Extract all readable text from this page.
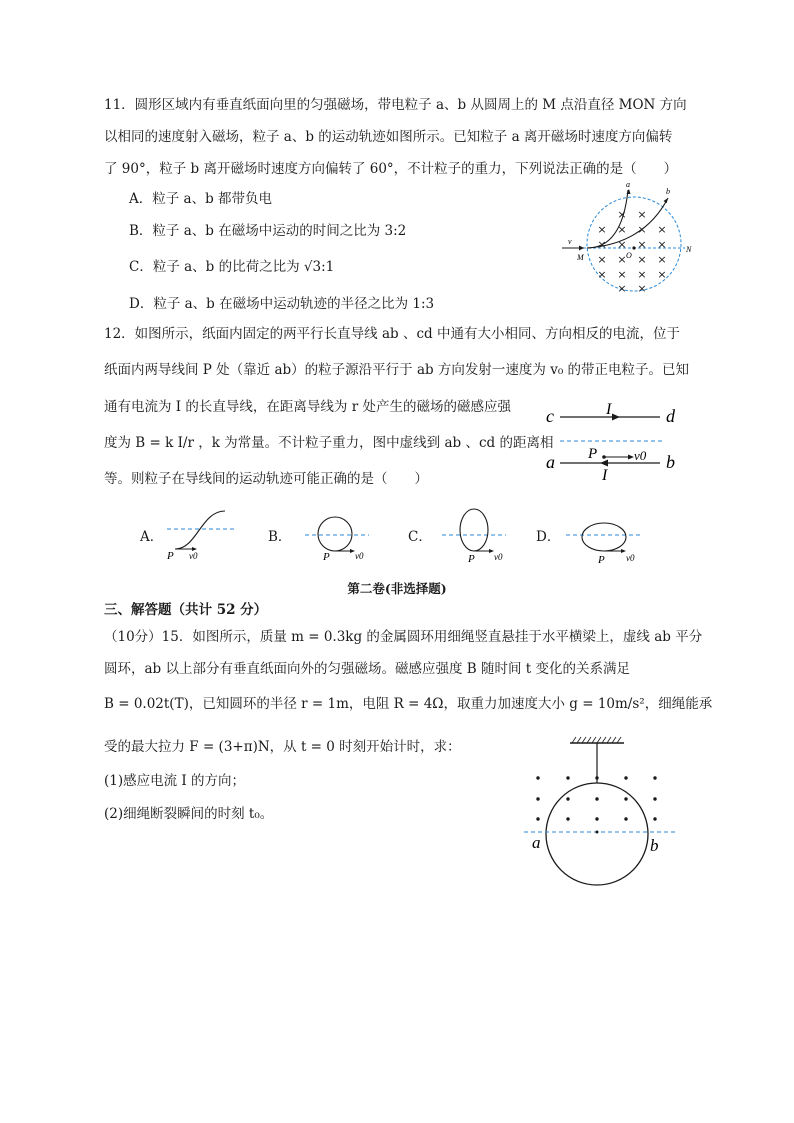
11．圆形区域内有垂直纸面向里的匀强磁场，带电粒子 a、b 从圆周上的 M 点沿直径 MON 方向
以相同的速度射入磁场，粒子 a、b 的运动轨迹如图所示。已知粒子 a 离开磁场时速度方向偏转
了 90°，粒子 b 离开磁场时速度方向偏转了 60°，不计粒子的重力，下列说法正确的是（　　）
A．粒子 a、b 都带负电
B．粒子 a、b 在磁场中运动的时间之比为 3:2
C．粒子 a、b 的比荷之比为 √3:1
D．粒子 a、b 在磁场中运动轨迹的半径之比为 1:3
× ×
× × × ×
× × × ×
× × × ×
× × × ×
× ×
v
M	O
N
a
b
12．如图所示，纸面内固定的两平行长直导线 ab 、cd 中通有大小相同、方向相反的电流，位于
纸面内两导线间 P 处（靠近 ab）的粒子源沿平行于 ab 方向发射一速度为 v₀ 的带正电粒子。已知
通有电流为 I 的长直导线，在距离导线为 r 处产生的磁场的磁感应强
度为 B = k I/r ，k 为常量。不计粒子重力，图中虚线到 ab 、cd 的距离相
等。则粒子在导线间的运动轨迹可能正确的是（　　）
c	I	d
a
I
b
P	v0
A．
P v0
B．
P	v0
C．
P v0
D．
P v0
第二卷(非选择题)
三、解答题（共计 52 分）
（10分）15．如图所示，质量 m = 0.3kg 的金属圆环用细绳竖直悬挂于水平横梁上，虚线 ab 平分
圆环，ab 以上部分有垂直纸面向外的匀强磁场。磁感应强度 B 随时间 t 变化的关系满足
B = 0.02t(T)，已知圆环的半径 r = 1m，电阻 R = 4Ω，取重力加速度大小 g = 10m/s²，细绳能承
受的最大拉力 F = (3+π)N，从 t = 0 时刻开始计时，求：
(1)感应电流 I 的方向；
(2)细绳断裂瞬间的时刻 t₀。
a	b
